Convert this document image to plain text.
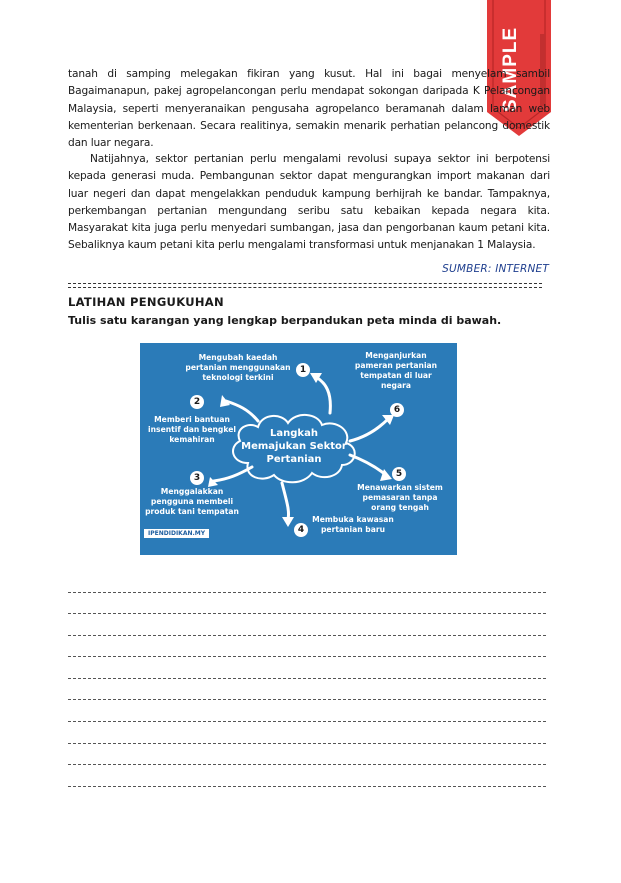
SAMPLE

tanah di samping melegakan fikiran yang kusut. Hal ini bagai menyelam sambil Bagaimanapun, pakej agropelancongan perlu mendapat sokongan daripada K Pelancongan Malaysia, seperti menyeranaikan pengusaha agropelanco beramanah dalam laman web kementerian berkenaan. Secara realitinya, semakin menarik perhatian pelancong domestik dan luar negara.

Natijahnya, sektor pertanian perlu mengalami revolusi supaya sektor ini berpotensi kepada generasi muda. Pembangunan sektor dapat mengurangkan import makanan dari luar negeri dan dapat mengelakkan penduduk kampung berhijrah ke bandar. Tampaknya, perkembangan pertanian mengundang seribu satu kebaikan kepada negara kita. Masyarakat kita juga perlu menyedari sumbangan, jasa dan pengorbanan kaum petani kita. Sebaliknya kaum petani kita perlu mengalami transformasi untuk menjanakan 1 Malaysia.

SUMBER: INTERNET
LATIHAN PENGUKUHAN
Tulis satu karangan yang lengkap berpandukan peta minda di bawah.
Langkah
Memajukan Sektor
Pertanian
Mengubah kaedah
pertanian menggunakan
teknologi terkini
1
2
Memberi bantuan
insentif dan bengkel
kemahiran
3
Menggalakkan
pengguna membeli
produk tani tempatan
4
Membuka kawasan
pertanian baru
5
Menawarkan sistem
pemasaran tanpa
orang tengah
Menganjurkan
pameran pertanian
tempatan di luar negara
6
IPENDIDIKAN.MY
